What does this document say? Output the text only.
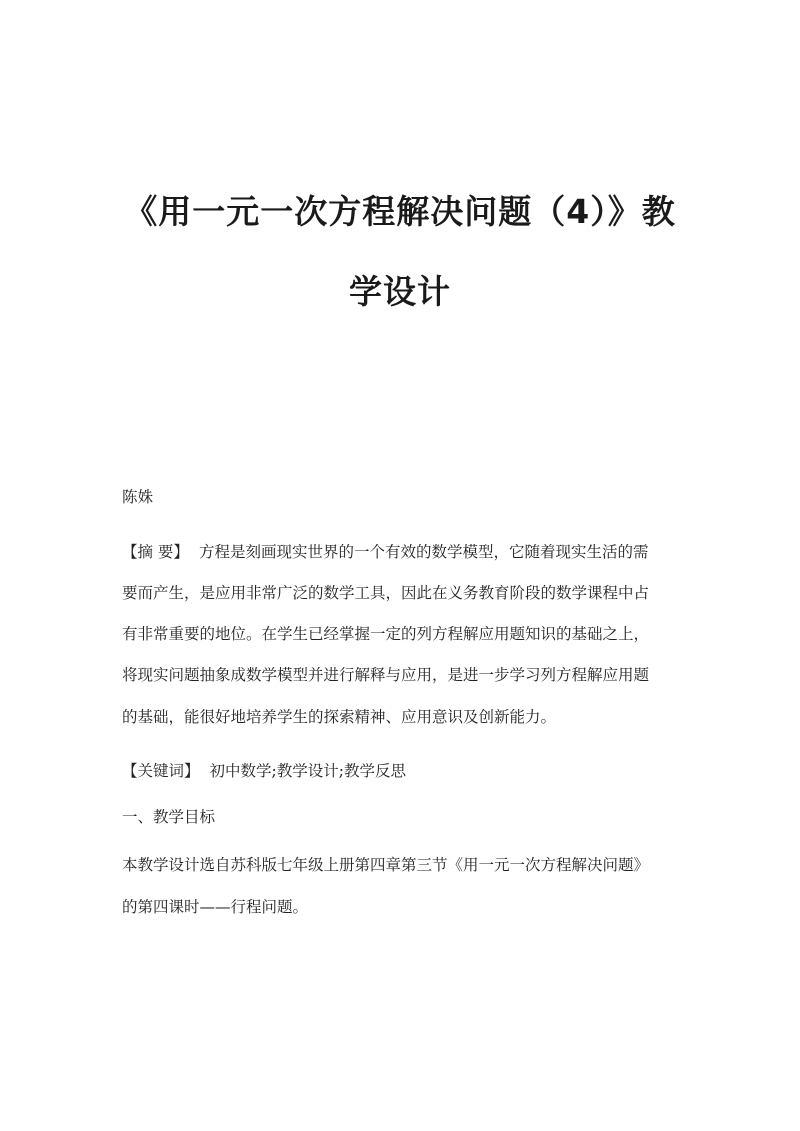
《用一元一次方程解决问题（4）》教
学设计

陈姝

【摘 要】 方程是刻画现实世界的一个有效的数学模型，它随着现实生活的需

要而产生，是应用非常广泛的数学工具，因此在义务教育阶段的数学课程中占

有非常重要的地位。在学生已经掌握一定的列方程解应用题知识的基础之上，

将现实问题抽象成数学模型并进行解释与应用，是进一步学习列方程解应用题

的基础，能很好地培养学生的探索精神、应用意识及创新能力。

【关键词】 初中数学;教学设计;教学反思

一、教学目标

本教学设计选自苏科版七年级上册第四章第三节《用一元一次方程解决问题》

的第四课时——行程问题。
